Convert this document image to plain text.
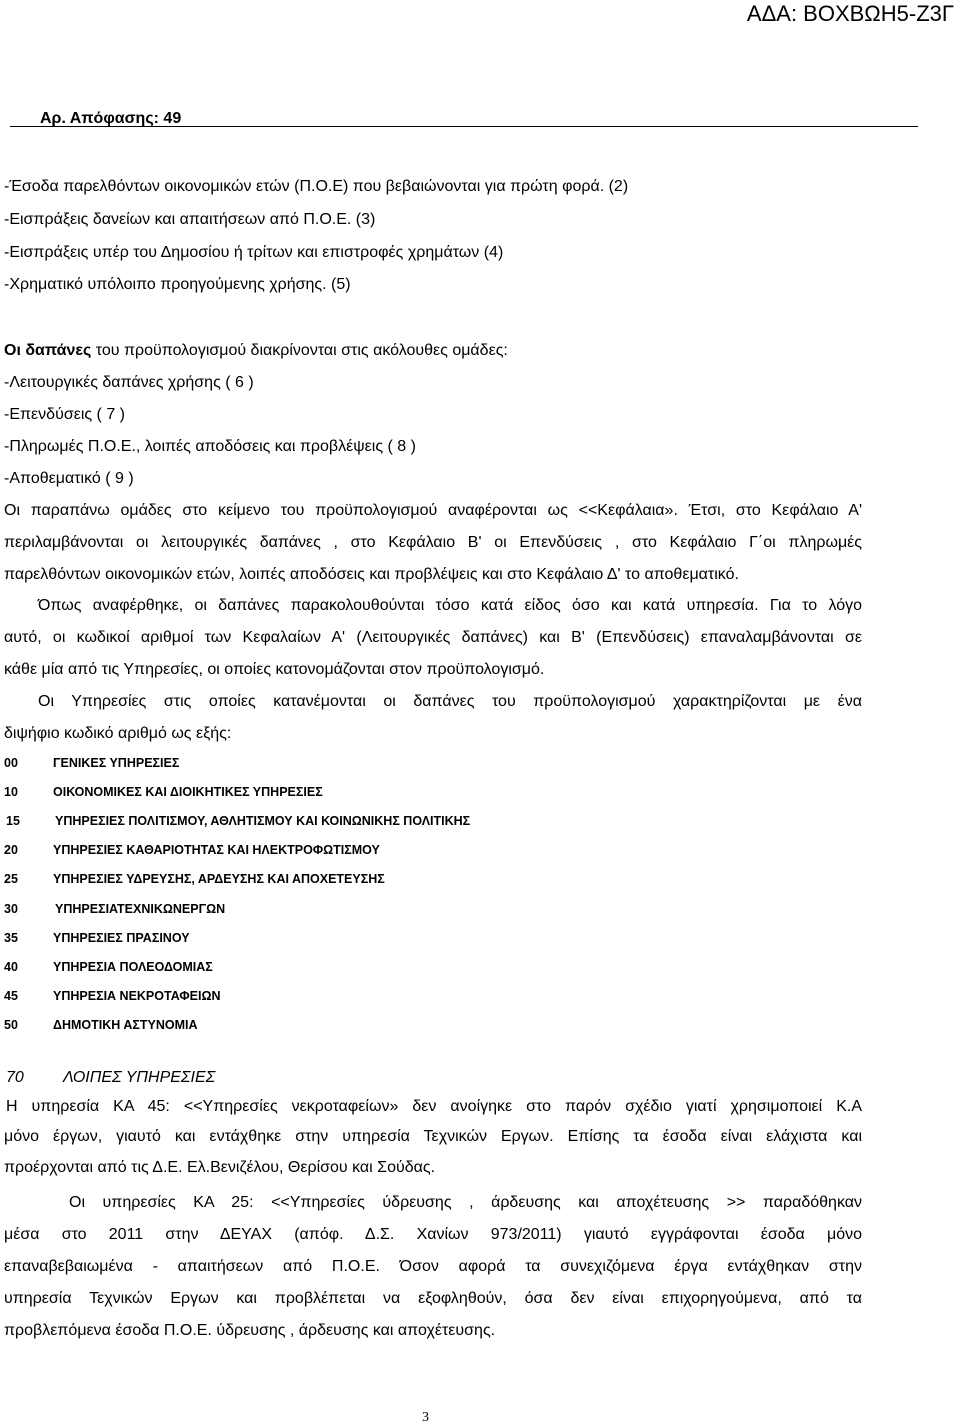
ΑΔΑ: ΒΟΧΒΩΗ5-Ζ3Γ
Αρ. Απόφασης: 49
-Έσοδα παρελθόντων οικονομικών ετών (Π.Ο.Ε) που βεβαιώνονται για πρώτη φορά. (2)
-Εισπράξεις δανείων και απαιτήσεων από Π.Ο.Ε. (3)
-Εισπράξεις υπέρ του Δημοσίου ή τρίτων και επιστροφές χρημάτων (4)
-Χρηματικό υπόλοιπο προηγούμενης χρήσης. (5)
Οι δαπάνες του προϋπολογισμού διακρίνονται στις ακόλουθες ομάδες:
-Λειτουργικές δαπάνες χρήσης ( 6 )
-Επενδύσεις ( 7 )
-Πληρωμές Π.Ο.Ε., λοιπές αποδόσεις και προβλέψεις ( 8 )
-Αποθεματικό ( 9 )
Οι παραπάνω ομάδες στο κείμενο του προϋπολογισμού αναφέρονται ως <<Κεφάλαια». Έτσι, στο Κεφάλαιο Α'
περιλαμβάνονται οι λειτουργικές δαπάνες , στο Κεφάλαιο Β' οι Επενδύσεις , στο Κεφάλαιο Γ΄οι πληρωμές
παρελθόντων οικονομικών ετών, λοιπές αποδόσεις και προβλέψεις και στο Κεφάλαιο Δ' το αποθεματικό.
Όπως αναφέρθηκε, οι δαπάνες παρακολουθούνται τόσο κατά είδος όσο και κατά υπηρεσία. Για το λόγο
αυτό, οι κωδικοί αριθμοί των Κεφαλαίων Α' (Λειτουργικές δαπάνες) και Β' (Επενδύσεις) επαναλαμβάνονται σε
κάθε μία από τις Υπηρεσίες, οι οποίες κατονομάζονται στον προϋπολογισμό.
Οι Υπηρεσίες στις οποίες κατανέμονται οι δαπάνες του προϋπολογισμού χαρακτηρίζονται με ένα
διψήφιο κωδικό αριθμό ως εξής:
00	ΓΕΝΙΚΕΣ ΥΠΗΡΕΣΙΕΣ
10	ΟΙΚΟΝΟΜΙΚΕΣ ΚΑΙ ΔΙΟΙΚΗΤΙΚΕΣ ΥΠΗΡΕΣΙΕΣ
15	ΥΠΗΡΕΣΙΕΣ ΠΟΛΙΤΙΣΜΟΥ, ΑΘΛΗΤΙΣΜΟΥ ΚΑΙ ΚΟΙΝΩΝΙΚΗΣ ΠΟΛΙΤΙΚΗΣ
20	ΥΠΗΡΕΣΙΕΣ ΚΑΘΑΡΙΟΤΗΤΑΣ ΚΑΙ ΗΛΕΚΤΡΟΦΩΤΙΣΜΟΥ
25	ΥΠΗΡΕΣΙΕΣ ΥΔΡΕΥΣΗΣ, ΑΡΔΕΥΣΗΣ ΚΑΙ ΑΠΟΧΕΤΕΥΣΗΣ
30	ΥΠΗΡΕΣΙΑΤΕΧΝΙΚΩΝΕΡΓΩΝ
35	ΥΠΗΡΕΣΙΕΣ ΠΡΑΣΙΝΟΥ
40	ΥΠΗΡΕΣΙΑ ΠΟΛΕΟΔΟΜΙΑΣ
45	ΥΠΗΡΕΣΙΑ ΝΕΚΡΟΤΑΦΕΙΩΝ
50	ΔΗΜΟΤΙΚΗ ΑΣΤΥΝΟΜΙΑ
70 ΛΟΙΠΕΣ ΥΠΗΡΕΣΙΕΣ
Η υπηρεσία ΚΑ 45: <<Υπηρεσίες νεκροταφείων» δεν ανοίγηκε στο παρόν σχέδιο γιατί χρησιμοποιεί Κ.Α
μόνο έργων, γιαυτό και εντάχθηκε στην υπηρεσία Τεχνικών Εργων. Επίσης τα έσοδα είναι ελάχιστα και
προέρχονται από τις Δ.Ε. Ελ.Βενιζέλου, Θερίσου και Σούδας.
Οι υπηρεσίες ΚΑ 25: <<Υπηρεσίες ύδρευσης , άρδευσης και αποχέτευσης >> παραδόθηκαν
μέσα στο 2011 στην ΔΕΥΑΧ (απόφ. Δ.Σ. Χανίων 973/2011) γιαυτό εγγράφονται έσοδα μόνο
επαναβεβαιωμένα - απαιτήσεων από Π.Ο.Ε. Όσον αφορά τα συνεχιζόμενα έργα εντάχθηκαν στην
υπηρεσία Τεχνικών Εργων και προβλέπεται να εξοφληθούν, όσα δεν είναι επιχορηγούμενα, από τα
προβλεπόμενα έσοδα Π.Ο.Ε. ύδρευσης , άρδευσης και αποχέτευσης.
3
